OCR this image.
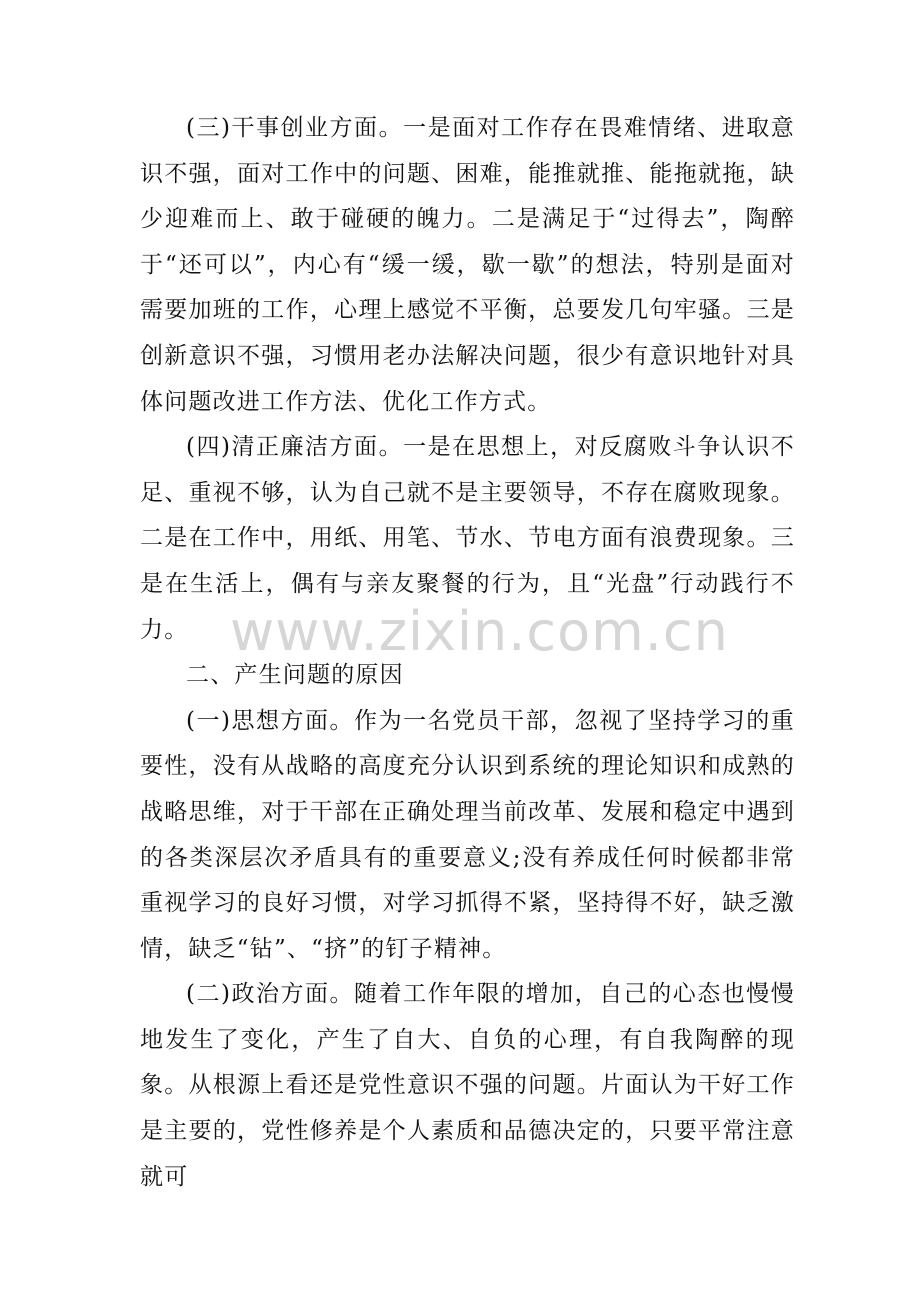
www.zixin.com.cn

(三)干事创业方面。一是面对工作存在畏难情绪、进取意识不强，面对工作中的问题、困难，能推就推、能拖就拖，缺少迎难而上、敢于碰硬的魄力。二是满足于“过得去”，陶醉于“还可以”，内心有“缓一缓，歇一歇”的想法，特别是面对需要加班的工作，心理上感觉不平衡，总要发几句牢骚。三是创新意识不强，习惯用老办法解决问题，很少有意识地针对具体问题改进工作方法、优化工作方式。

(四)清正廉洁方面。一是在思想上，对反腐败斗争认识不足、重视不够，认为自己就不是主要领导，不存在腐败现象。二是在工作中，用纸、用笔、节水、节电方面有浪费现象。三是在生活上，偶有与亲友聚餐的行为，且“光盘”行动践行不力。

二、产生问题的原因

(一)思想方面。作为一名党员干部，忽视了坚持学习的重要性，没有从战略的高度充分认识到系统的理论知识和成熟的战略思维，对于干部在正确处理当前改革、发展和稳定中遇到的各类深层次矛盾具有的重要意义;没有养成任何时候都非常重视学习的良好习惯，对学习抓得不紧，坚持得不好，缺乏激情，缺乏“钻”、“挤”的钉子精神。

(二)政治方面。随着工作年限的增加，自己的心态也慢慢地发生了变化，产生了自大、自负的心理，有自我陶醉的现象。从根源上看还是党性意识不强的问题。片面认为干好工作是主要的，党性修养是个人素质和品德决定的，只要平常注意就可
